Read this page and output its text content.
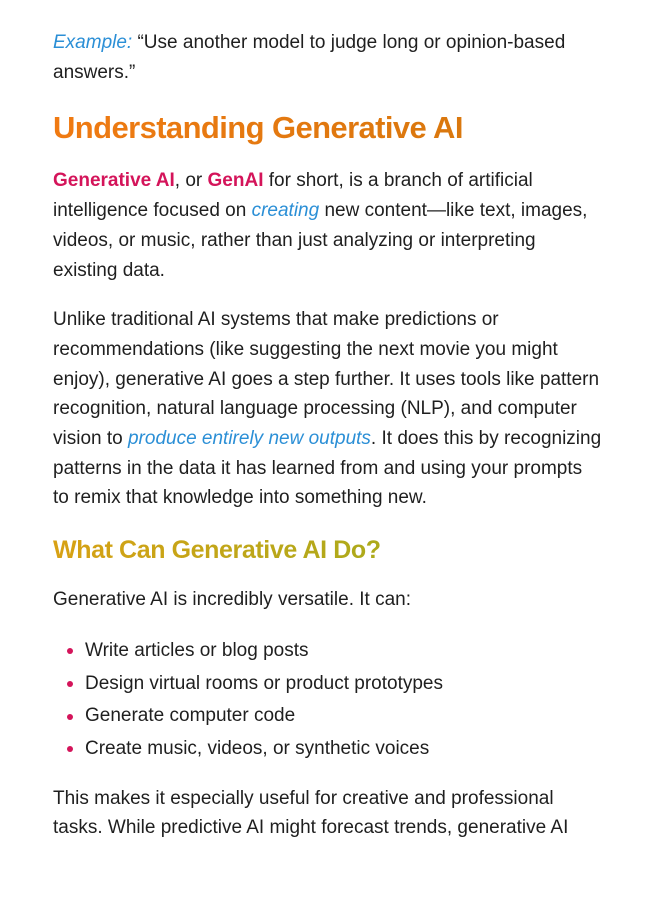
Example: “Use another model to judge long or opinion-based answers.”

Understanding Generative AI

Generative AI, or GenAI for short, is a branch of artificial intelligence focused on creating new content—like text, images, videos, or music, rather than just analyzing or interpreting existing data.

Unlike traditional AI systems that make predictions or recommendations (like suggesting the next movie you might enjoy), generative AI goes a step further. It uses tools like pattern recognition, natural language processing (NLP), and computer vision to produce entirely new outputs. It does this by recognizing patterns in the data it has learned from and using your prompts to remix that knowledge into something new.

What Can Generative AI Do?

Generative AI is incredibly versatile. It can:

Write articles or blog posts
Design virtual rooms or product prototypes
Generate computer code
Create music, videos, or synthetic voices

This makes it especially useful for creative and professional tasks. While predictive AI might forecast trends, generative AI
